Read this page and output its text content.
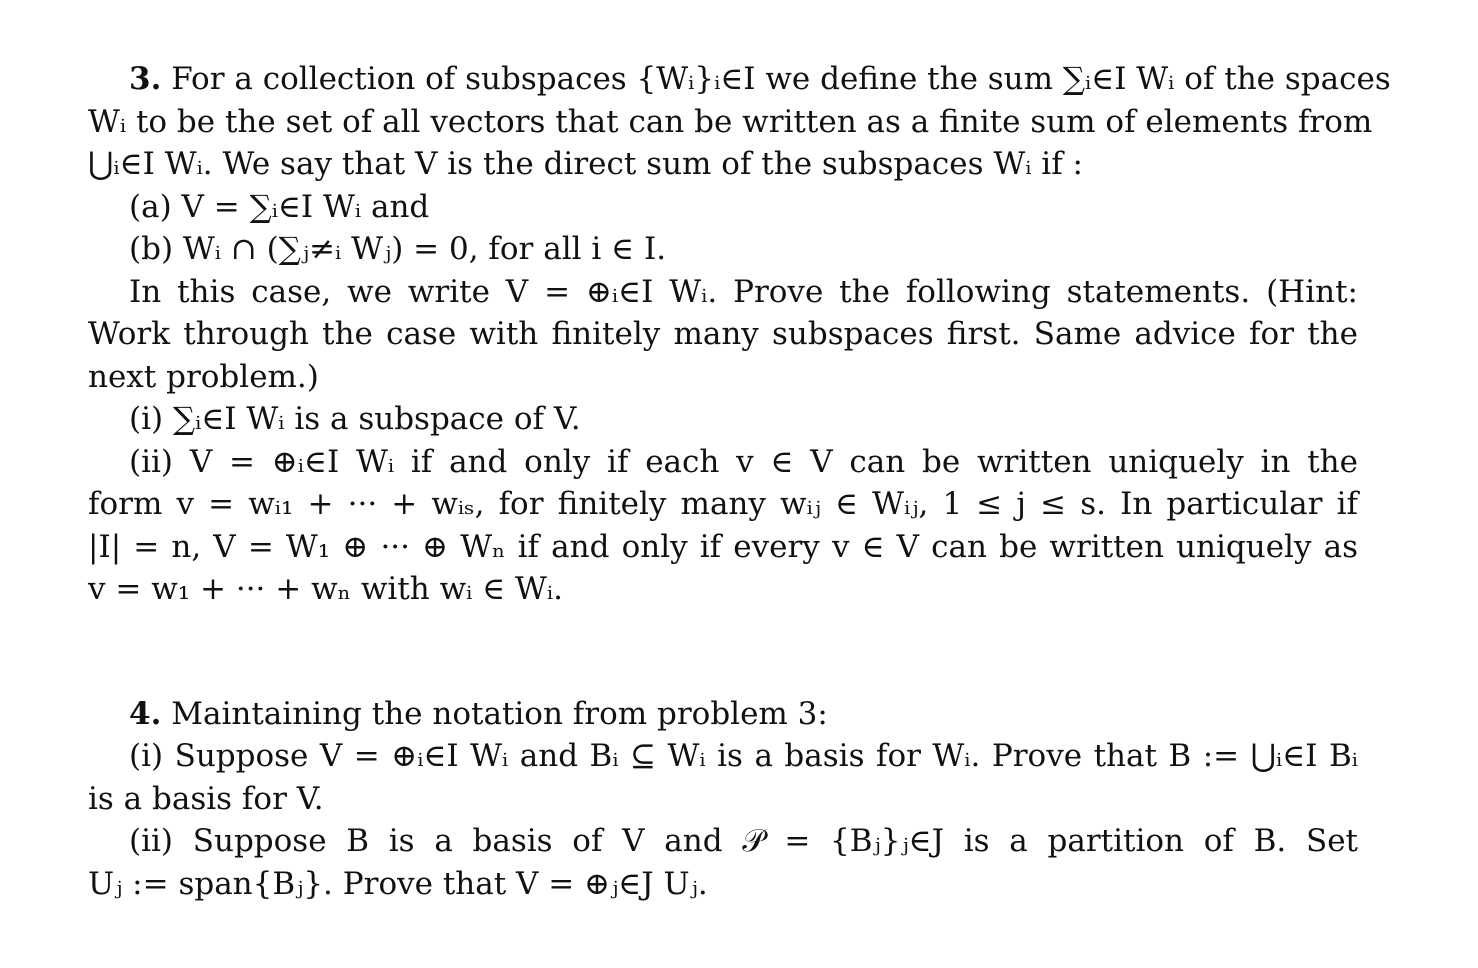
3. For a collection of subspaces {Wᵢ}ᵢ∈I we define the sum ∑ᵢ∈I Wᵢ of the spaces
Wᵢ to be the set of all vectors that can be written as a finite sum of elements from
⋃ᵢ∈I Wᵢ. We say that V is the direct sum of the subspaces Wᵢ if :
(a) V = ∑ᵢ∈I Wᵢ and
(b) Wᵢ ∩ (∑ⱼ≠ᵢ Wⱼ) = 0, for all i ∈ I.
In this case, we write V = ⊕ᵢ∈I Wᵢ. Prove the following statements. (Hint:
Work through the case with finitely many subspaces first. Same advice for the
next problem.)
(i) ∑ᵢ∈I Wᵢ is a subspace of V.
(ii) V = ⊕ᵢ∈I Wᵢ if and only if each v ∈ V can be written uniquely in the
form v = wᵢ₁ + ··· + wᵢₛ, for finitely many wᵢⱼ ∈ Wᵢⱼ, 1 ≤ j ≤ s. In particular if
|I| = n, V = W₁ ⊕ ··· ⊕ Wₙ if and only if every v ∈ V can be written uniquely as
v = w₁ + ··· + wₙ with wᵢ ∈ Wᵢ.
4. Maintaining the notation from problem 3:
(i) Suppose V = ⊕ᵢ∈I Wᵢ and Bᵢ ⊆ Wᵢ is a basis for Wᵢ. Prove that B := ⋃ᵢ∈I Bᵢ
is a basis for V.
(ii) Suppose B is a basis of V and 𝒫 = {Bⱼ}ⱼ∈J is a partition of B. Set
Uⱼ := span{Bⱼ}. Prove that V = ⊕ⱼ∈J Uⱼ.
